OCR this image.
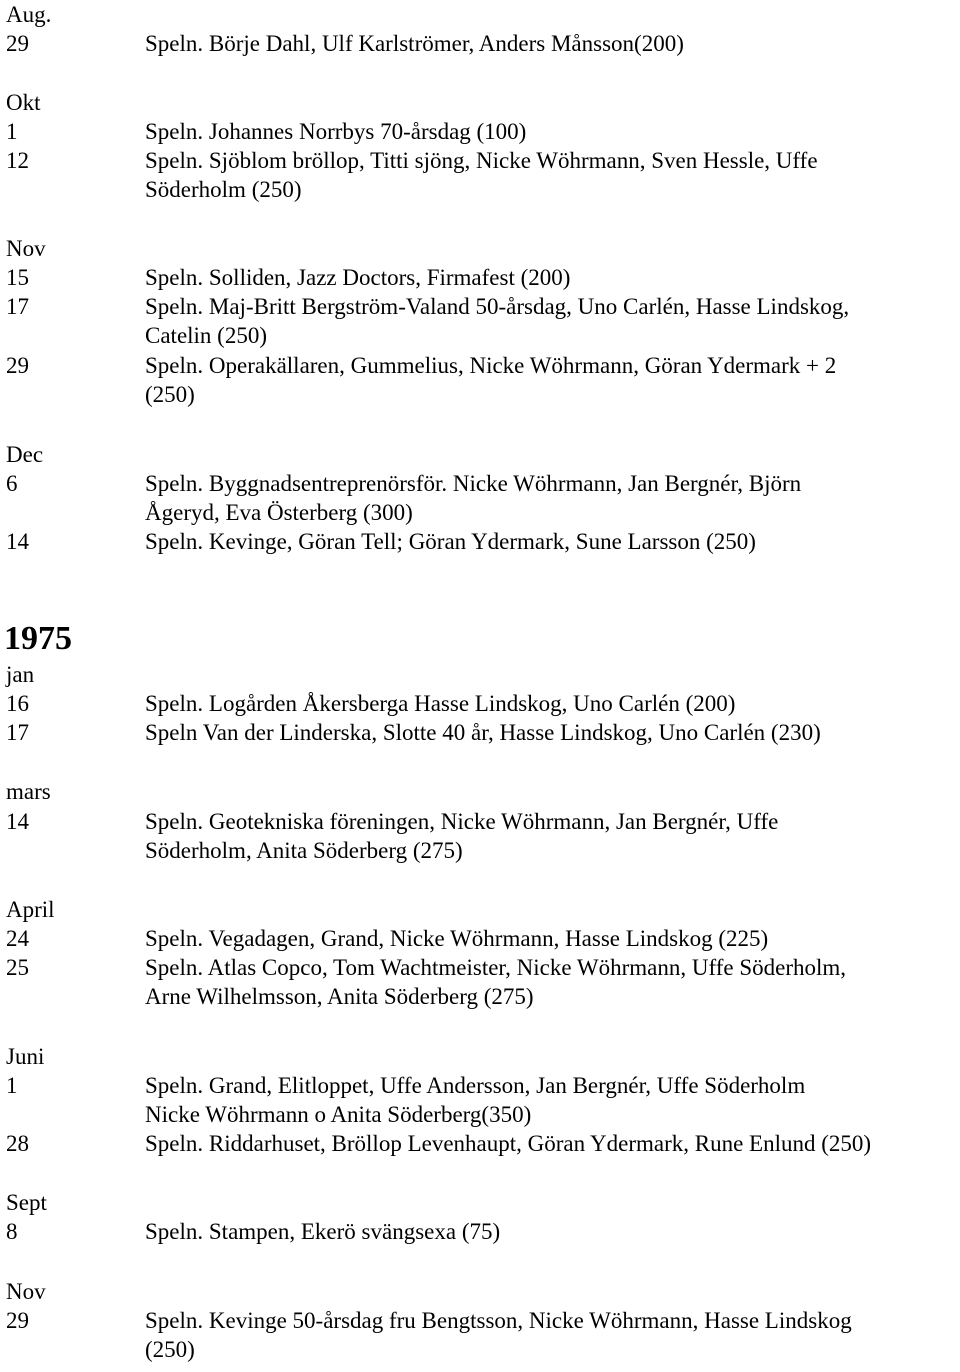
1975
Aug.
29	Speln. Börje Dahl, Ulf Karlströmer, Anders Månsson(200)
Okt
1	Speln. Johannes Norrbys 70-årsdag (100)
12	Speln. Sjöblom bröllop, Titti sjöng, Nicke Wöhrmann, Sven Hessle, Uffe
Söderholm (250)
Nov
15	Speln. Solliden, Jazz Doctors, Firmafest (200)
17	Speln. Maj-Britt Bergström-Valand 50-årsdag, Uno Carlén, Hasse Lindskog,
Catelin (250)
29	Speln. Operakällaren, Gummelius, Nicke Wöhrmann, Göran Ydermark + 2
(250)
Dec
6	Speln. Byggnadsentreprenörsför. Nicke Wöhrmann, Jan Bergnér, Björn
Ågeryd, Eva Österberg (300)
14	Speln. Kevinge, Göran Tell; Göran Ydermark, Sune Larsson (250)
jan
16	Speln. Logården Åkersberga Hasse Lindskog, Uno Carlén (200)
17	Speln Van der Linderska, Slotte 40 år, Hasse Lindskog, Uno Carlén (230)
mars
14	Speln. Geotekniska föreningen, Nicke Wöhrmann, Jan Bergnér, Uffe
Söderholm, Anita Söderberg (275)
April
24	Speln. Vegadagen, Grand, Nicke Wöhrmann, Hasse Lindskog (225)
25	Speln. Atlas Copco, Tom Wachtmeister, Nicke Wöhrmann, Uffe Söderholm,
Arne Wilhelmsson, Anita Söderberg (275)
Juni
1	Speln. Grand, Elitloppet, Uffe Andersson, Jan Bergnér, Uffe Söderholm
Nicke Wöhrmann o Anita Söderberg(350)
28	Speln. Riddarhuset, Bröllop Levenhaupt, Göran Ydermark, Rune Enlund (250)
Sept
8	Speln. Stampen, Ekerö svängsexa (75)
Nov
29	Speln. Kevinge 50-årsdag fru Bengtsson, Nicke Wöhrmann, Hasse Lindskog
(250)
